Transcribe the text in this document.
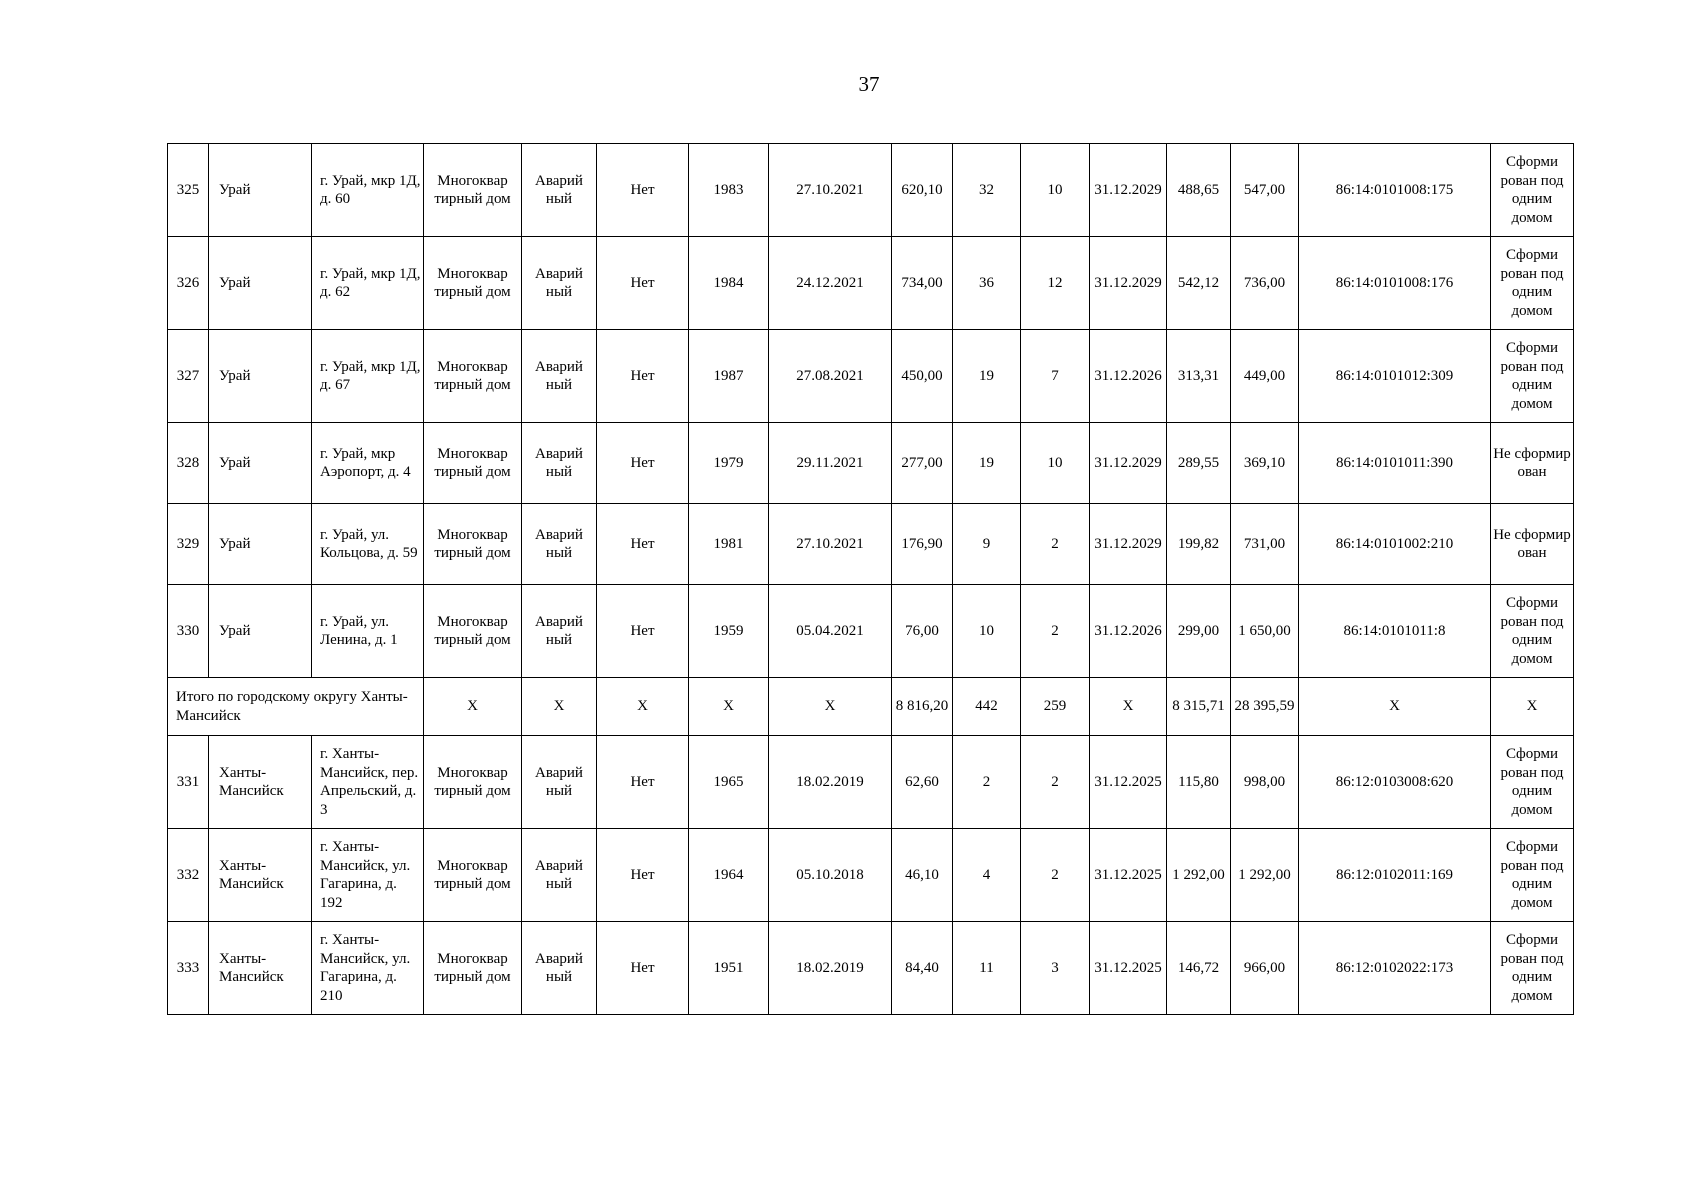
37
32​5	Урай	г. Урай, мкр 1Д, д. 60	Многоквар​тирный дом	Аварий​ный	Нет	1983	27.10.2021	620,1​0	32	10	31.12.2​029	488,6​5	547,00	86:14:0101008:175	Сформи​рован под одним домом
32​6	Урай	г. Урай, мкр 1Д, д. 62	Многоквар​тирный дом	Аварий​ный	Нет	1984	24.12.2021	734,0​0	36	12	31.12.2​029	542,1​2	736,00	86:14:0101008:176	Сформи​рован под одним домом
32​7	Урай	г. Урай, мкр 1Д, д. 67	Многоквар​тирный дом	Аварий​ный	Нет	1987	27.08.2021	450,0​0	19	7	31.12.2​026	313,3​1	449,00	86:14:0101012:309	Сформи​рован под одним домом
32​8	Урай	г. Урай, мкр Аэропорт, д. 4	Многоквар​тирный дом	Аварий​ный	Нет	1979	29.11.2021	277,0​0	19	10	31.12.2​029	289,5​5	369,10	86:14:0101011:390	Не сформир​ован
32​9	Урай	г. Урай, ул. Кольцова, д. 59	Многоквар​тирный дом	Аварий​ный	Нет	1981	27.10.2021	176,9​0	9	2	31.12.2​029	199,8​2	731,00	86:14:0101002:210	Не сформир​ован
33​0	Урай	г. Урай, ул. Ленина, д. 1	Многоквар​тирный дом	Аварий​ный	Нет	1959	05.04.2021	76,00	10	2	31.12.2​026	299,0​0	1 650,00	86:14:0101011:8	Сформи​рован под одним домом
Итого по городскому округу Ханты-Мансийск			X	X	X	X	X	8 816,2​0	442	259	X	8 315,7​1	28 395,59	X	X
33​1	Ханты-Мансийск	г. Ханты-Мансийск, пер. Апрельский, д. 3	Многоквар​тирный дом	Аварий​ный	Нет	1965	18.02.2019	62,60	2	2	31.12.2​025	115,8​0	998,00	86:12:0103008:620	Сформи​рован под одним домом
33​2	Ханты-Мансийск	г. Ханты-Мансийск, ул. Гагарина, д. 192	Многоквар​тирный дом	Аварий​ный	Нет	1964	05.10.2018	46,10	4	2	31.12.2​025	1 292,0​0	1 292,00	86:12:0102011:169	Сформи​рован под одним домом
33​3	Ханты-Мансийск	г. Ханты-Мансийск, ул. Гагарина, д. 210	Многоквар​тирный дом	Аварий​ный	Нет	1951	18.02.2019	84,40	11	3	31.12.2​025	146,7​2	966,00	86:12:0102022:173	Сформи​рован под одним домом
